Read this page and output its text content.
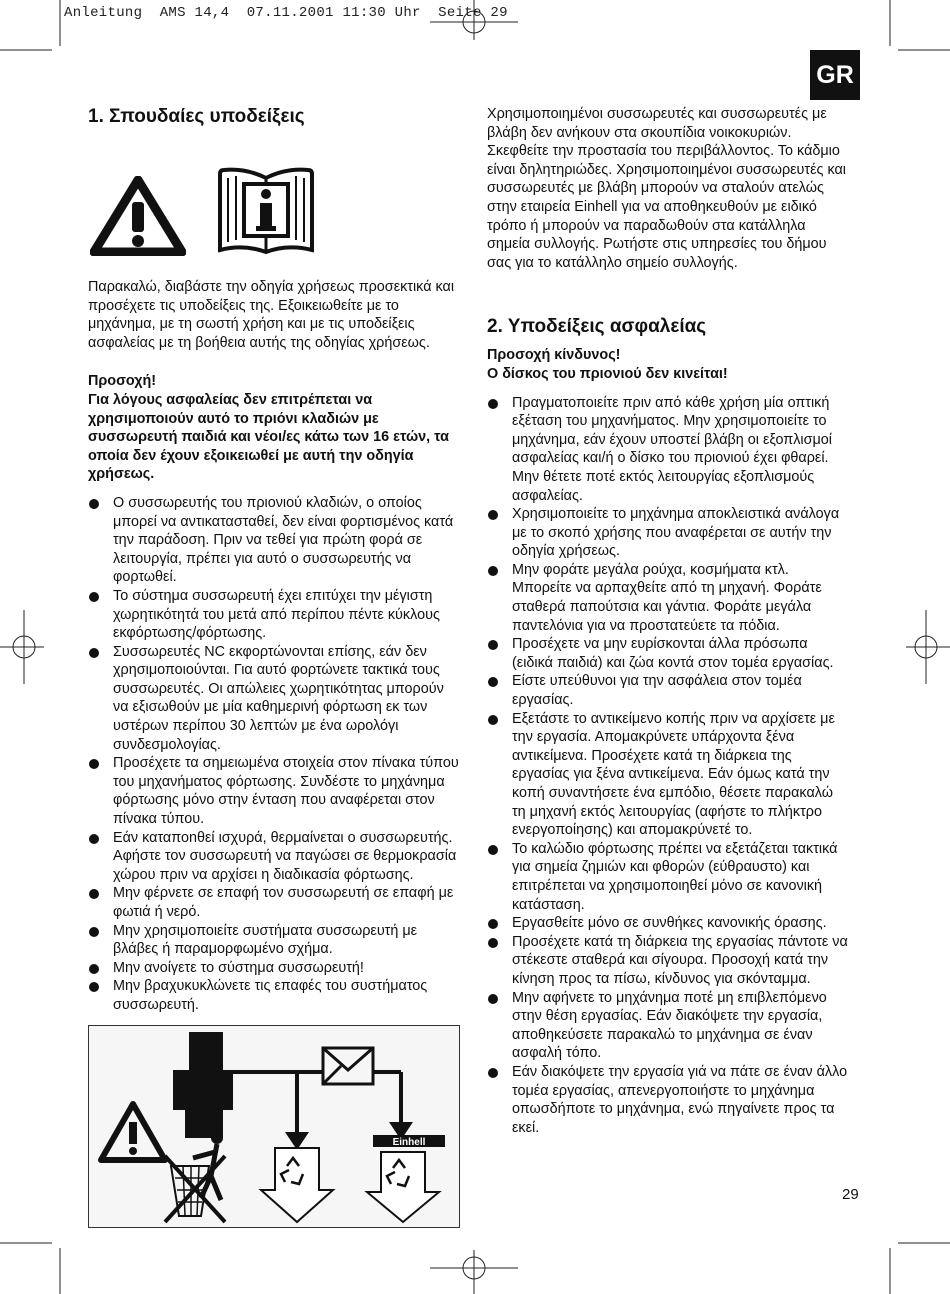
Anleitung  AMS 14,4  07.11.2001 11:30 Uhr  Seite 29
GR
1. Σπουδαίες υποδείξεις

Παρακαλώ, διαβάστε την οδηγία χρήσεως προσεκτικά και προσέχετε τις υποδείξεις της. Εξοικειωθείτε με το μηχάνημα, με τη σωστή χρήση και με τις υποδείξεις ασφαλείας με τη βοήθεια αυτής της οδηγίας χρήσεως.

Προσοχή!

Για λόγους ασφαλείας δεν επιτρέπεται να χρησιμοποιούν αυτό το πριόνι κλαδιών με συσσωρευτή παιδιά και νέοι/ες κάτω των 16 ετών, τα οποία δεν έχουν εξοικειωθεί με αυτή την οδηγία χρήσεως.

Ο συσσωρευτής του πριονιού κλαδιών, ο οποίος μπορεί να αντικατασταθεί, δεν είναι φορτισμένος κατά την παράδοση. Πριν να τεθεί για πρώτη φορά σε λειτουργία, πρέπει για αυτό ο συσσωρευτής να φορτωθεί.
Το σύστημα συσσωρευτή έχει επιτύχει την μέγιστη χωρητικότητά του μετά από περίπου πέντε κύκλους εκφόρτωσης/φόρτωσης.
Συσσωρευτές NC εκφορτώνονται επίσης, εάν δεν χρησιμοποιούνται. Για αυτό φορτώνετε τακτικά τους συσσωρευτές. Οι απώλειες χωρητικότητας μπορούν να εξισωθούν με μία καθημερινή φόρτωση εκ των υστέρων περίπου 30 λεπτών με ένα ωρολόγι συνδεσμολογίας.
Προσέχετε τα σημειωμένα στοιχεία στον πίνακα τύπου του μηχανήματος φόρτωσης. Συνδέστε το μηχάνημα φόρτωσης μόνο στην ένταση που αναφέρεται στον πίνακα τύπου.
Εάν καταποnθεί ισχυρά, θερμαίνεται ο συσσωρευτής. Αφήστε τον συσσωρευτή να παγώσει σε θερμοκρασία χώρου πριν να αρχίσει η διαδικασία φόρτωσης.
Μην φέρνετε σε επαφή τον συσσωρευτή σε επαφή με φωτιά ή νερό.
Μην χρησιμοποιείτε συστήματα συσσωρευτή με βλάβες ή παραμορφωμένο σχήμα.
Μην ανοίγετε το σύστημα συσσωρευτή!
Μην βραχυκυκλώνετε τις επαφές του συστήματος συσσωρευτή.
Einhell

Χρησιμοποιημένοι συσσωρευτές και συσσωρευτές με βλάβη δεν ανήκουν στα σκουπίδια νοικοκυριών. Σκεφθείτε την προστασία του περιβάλλοντος. Το κάδμιο είναι δηλητηριώδες. Χρησιμοποιημένοι συσσωρευτές και συσσωρευτές με βλάβη μπορούν να σταλούν ατελώς στην εταιρεία Einhell για να αποθηκευθούν με ειδικό τρόπο ή μπορούν να παραδωθούν στα κατάλληλα σημεία συλλογής. Ρωτήστε στις υπηρεσίες του δήμου σας για το κατάλληλο σημείο συλλογής.

2. Υποδείξεις ασφαλείας

Προσοχή κίνδυνος!

Ο δίσκος του πριονιού δεν κινείται!

Πραγματοποιείτε πριν από κάθε χρήση μία οπτική εξέταση του μηχανήματος. Μην χρησιμοποιείτε το μηχάνημα, εάν έχουν υποστεί βλάβη οι εξοπλισμοί ασφαλείας και/ή ο δίσκο του πριονιού έχει φθαρεί. Μην θέτετε ποτέ εκτός λειτουργίας εξοπλισμούς ασφαλείας.
Χρησιμοποιείτε το μηχάνημα αποκλειστικά ανάλογα με το σκοπό χρήσης που αναφέρεται σε αυτήν την οδηγία χρήσεως.
Μην φοράτε μεγάλα ρούχα, κοσμήματα κτλ. Μπορείτε να αρπαχθείτε από τη μηχανή. Φοράτε σταθερά παπούτσια και γάντια. Φοράτε μεγάλα παντελόνια για να προστατεύετε τα πόδια.
Προσέχετε να μην ευρίσκονται άλλα πρόσωπα (ειδικά παιδιά) και ζώα κοντά στον τομέα εργασίας.
Είστε υπεύθυνοι για την ασφάλεια στον τομέα εργασίας.
Εξετάστε το αντικείμενο κοπής πριν να αρχίσετε με την εργασία. Απομακρύνετε υπάρχοντα ξένα αντικείμενα. Προσέχετε κατά τη διάρκεια της εργασίας για ξένα αντικείμενα. Εάν όμως κατά την κοπή συναντήσετε ένα εμπόδιο, θέσετε παρακαλώ τη μηχανή εκτός λειτουργίας (αφήστε το πλήκτρο ενεργοποίησης) και απομακρύνετέ το.
Το καλώδιο φόρτωσης πρέπει να εξετάζεται τακτικά για σημεία ζημιών και φθορών (εύθραυστο) και επιτρέπεται να χρησιμοποιηθεί μόνο σε κανονική κατάσταση.
Εργασθείτε μόνο σε συνθήκες κανονικής όρασης.
Προσέχετε κατά τη διάρκεια της εργασίας πάντοτε να στέκεστε σταθερά και σίγουρα. Προσοχή κατά την κίνηση προς τα πίσω, κίνδυνος για σκόνταμμα.
Μην αφήνετε το μηχάνημα ποτέ μη επιβλεπόμενο στην θέση εργασίας. Εάν διακόψετε την εργασία, αποθηκεύσετε παρακαλώ το μηχάνημα σε έναν ασφαλή τόπο.
Εάν διακόψετε την εργασία γιά να πάτε σε έναν άλλο τομέα εργασίας, απενεργοποιήστε το μηχάνημα οπωσδήποτε το μηχάνημα, ενώ πηγαίνετε προς τα εκεί.
29
